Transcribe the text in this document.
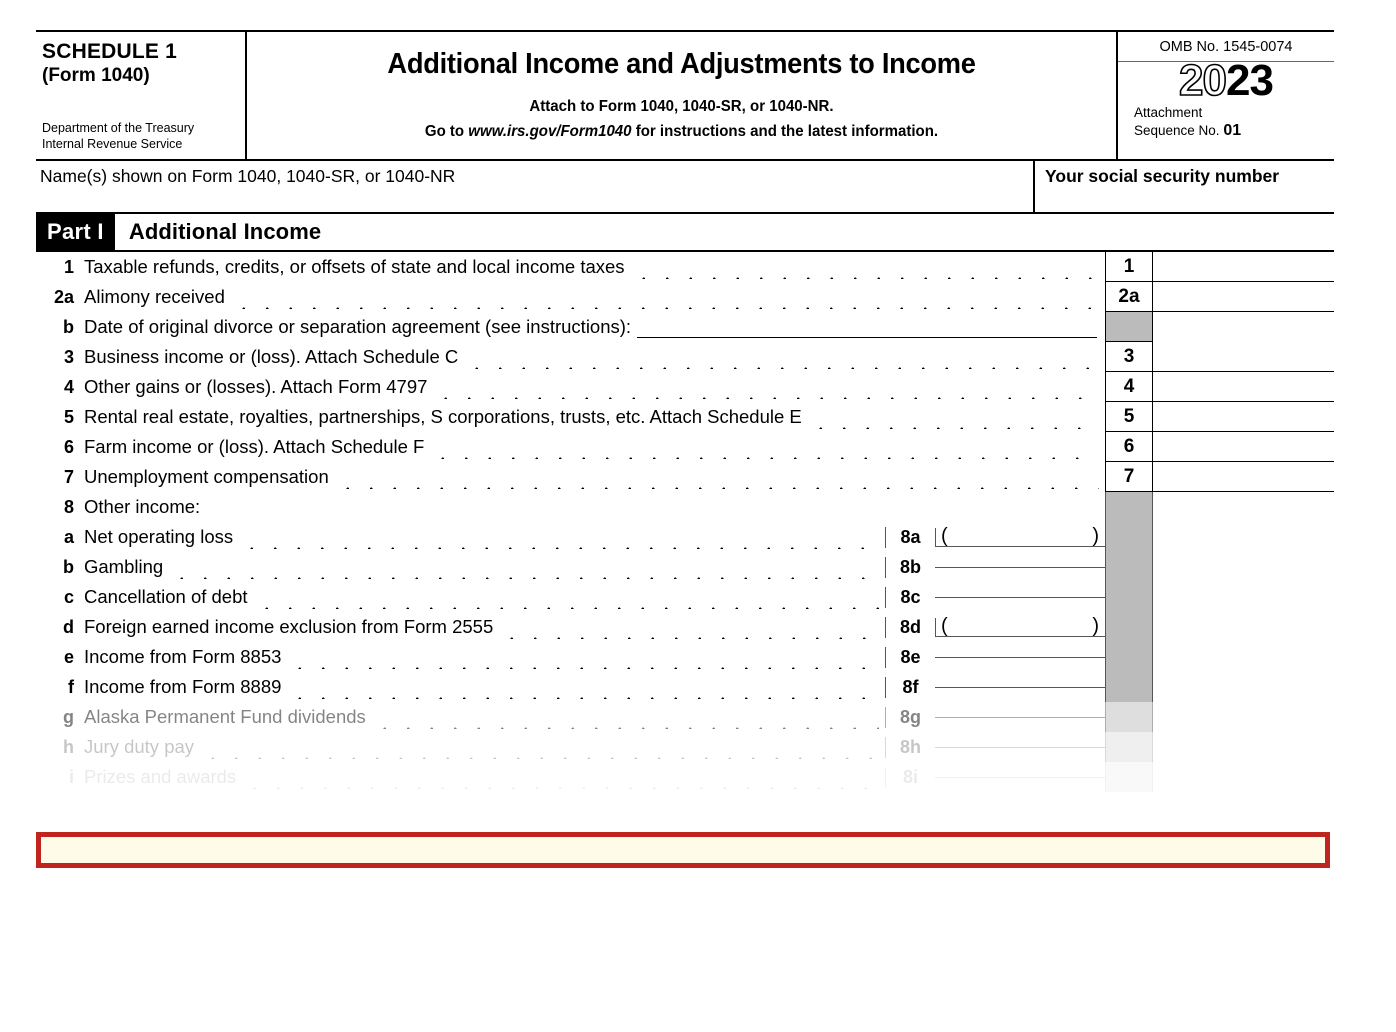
SCHEDULE 1
(Form 1040)
Department of the Treasury
Internal Revenue Service
Additional Income and Adjustments to Income
Attach to Form 1040, 1040-SR, or 1040-NR.
Go to www.irs.gov/Form1040 for instructions and the latest information.
OMB No. 1545-0074
20 23
Attachment
Sequence No. 01
Name(s) shown on Form 1040, 1040-SR, or 1040-NR	Your social security number
Part I	Additional Income
1 Taxable refunds, credits, or offsets of state and local income taxes	1
2a Alimony received	2a
b Date of original divorce or separation agreement (see instructions):
3 Business income or (loss). Attach Schedule C	3
4 Other gains or (losses). Attach Form 4797	4
5 Rental real estate, royalties, partnerships, S corporations, trusts, etc. Attach Schedule E	5
6 Farm income or (loss). Attach Schedule F	6
7 Unemployment compensation	7
8 Other income:
a Net operating loss	8a	(	)
b Gambling	8b
c Cancellation of debt	8c
d Foreign earned income exclusion from Form 2555	8d	(	)
e Income from Form 8853	8e
f Income from Form 8889	8f
g Alaska Permanent Fund dividends	8g
h Jury duty pay	8h
i Prizes and awards	8i
